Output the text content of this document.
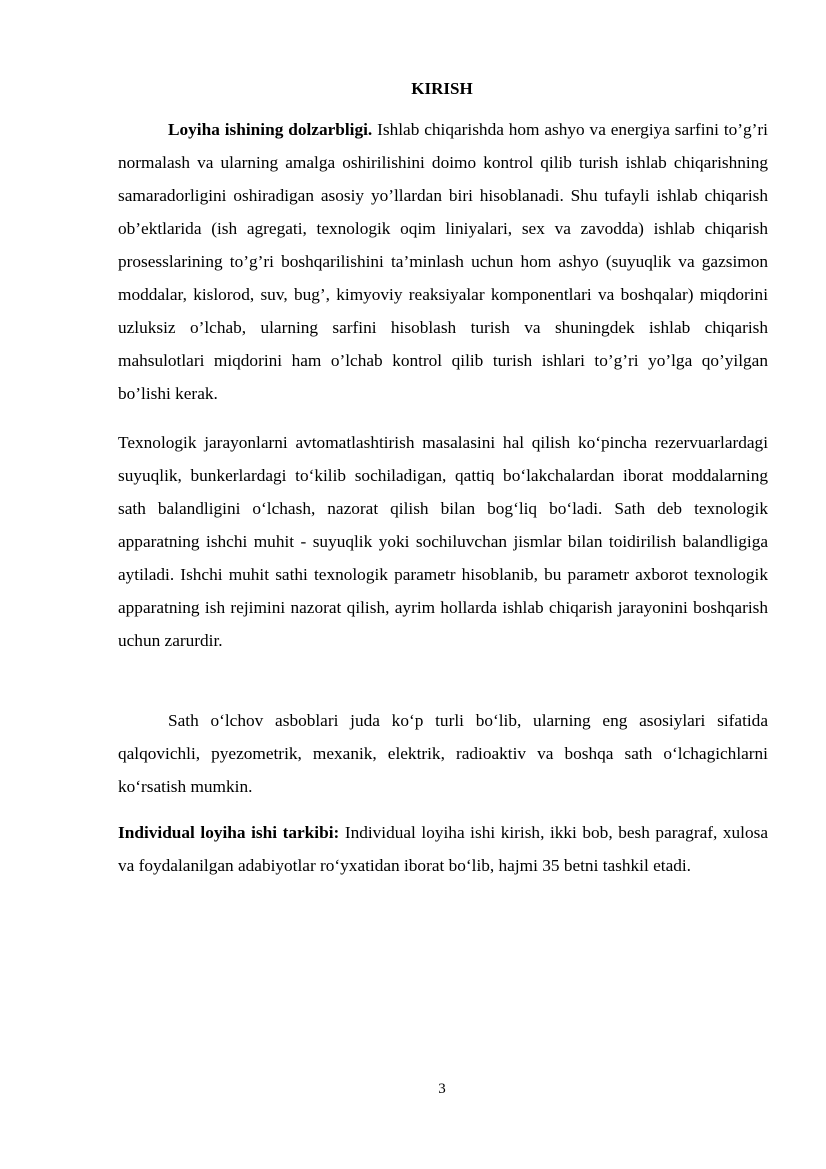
KIRISH

Loyiha ishining dolzarbligi. Ishlab chiqarishda hom ashyo va energiya sarfini to’g’ri normalash va ularning amalga oshirilishini doimo kontrol qilib turish ishlab chiqarishning samaradorligini oshiradigan asosiy yo’llardan biri hisoblanadi. Shu tufayli ishlab chiqarish ob’ektlarida (ish agregati, texnologik oqim liniyalari, sex va zavodda) ishlab chiqarish prosesslarining to’g’ri boshqarilishini ta’minlash uchun hom ashyo (suyuqlik va gazsimon moddalar, kislorod, suv, bug’, kimyoviy reaksiyalar komponentlari va boshqalar) miqdorini uzluksiz o’lchab, ularning sarfini hisoblash turish va shuningdek ishlab chiqarish mahsulotlari miqdorini ham o’lchab kontrol qilib turish ishlari to’g’ri yo’lga qo’yilgan bo’lishi kerak.

Texnologik jarayonlarni avtomatlashtirish masalasini hal qilish ko‘pincha rezervuarlardagi suyuqlik, bunkerlardagi to‘kilib sochiladigan, qattiq bo‘lakchalardan iborat moddalarning sath balandligini o‘lchash, nazorat qilish bilan bog‘liq bo‘ladi. Sath deb texnologik apparatning ishchi muhit - suyuqlik yoki sochiluvchan jismlar bilan toidirilish balandligiga aytiladi. Ishchi muhit sathi texnologik parametr hisoblanib, bu parametr axborot texnologik apparatning ish rejimini nazorat qilish, ayrim hollarda ishlab chiqarish jarayonini boshqarish uchun zarurdir.

Sath o‘lchov asboblari juda ko‘p turli bo‘lib, ularning eng asosiylari sifatida qalqovichli, pyezometrik, mexanik, elektrik, radioaktiv va boshqa sath o‘lchagichlarni ko‘rsatish mumkin.

Individual loyiha ishi tarkibi: Individual loyiha ishi kirish, ikki bob, besh paragraf, xulosa va foydalanilgan adabiyotlar ro‘yxatidan iborat bo‘lib, hajmi 35 betni tashkil etadi.

3
